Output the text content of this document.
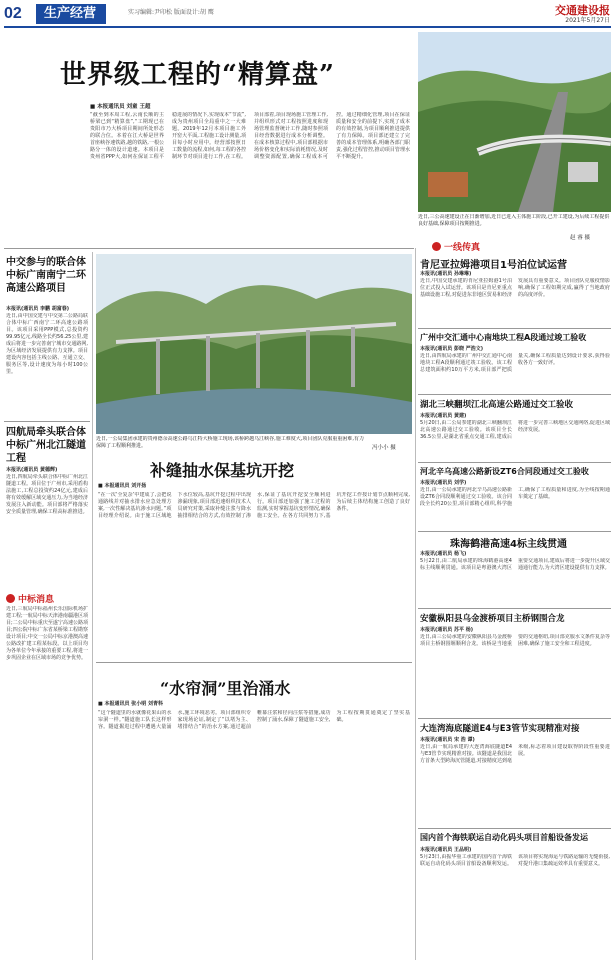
02	生产经营	实习编辑:尹印松 版面设计:胡 鹰	交通建设报
2021年5月27日
世界级工程的“精算盘”
■ 本报通讯员 刘童 王超
“截至到本周工程,云南长顺的主桥梁已到“精算盘”,“工期现已在贵阳市乃大桥项目期间所处形态的联合位。本着在江大桥是世界首座峡谷速铁路,越的铁路,一根公路分一体的设计道速。本项目是贵州省PPP大,如何在保证工程平稳进展的情况下,实现成本“节流”,成为贵州项目全局重中之一大难题。2019年12月本项目施工外开窑大平面,工程施工设计测量,项目每小时应用中。经营部按照日工数量的流程,如何,每工程的各控制环节对项目进行工作,在工程。项目部着,项目现场施工管理工作,并组织形式对工程按照进度和现场管理监督统计工作,随时参照项目经营数据进行成本分析调整。在成本核算过程中,项目部根据市场价格变化和实际消耗情况,及时调整资源配置,确保工程成本可控。通过精细化管理,项目在保证质量和安全的前提下,实现了成本的有效控制,为项目顺利推进提供了有力保障。项目部还建立了完善的成本管理体系,明确各部门职责,强化过程管控,推动项目管理水平不断提升。
近日,三公高速建设正在日渐增加,近日已进入主体施工阶段,已开工建设,为后续工程提供良好基础,保障项目按期推进。
赵 睿 摄
中交参与的联合体中标广南南宁二环高速公路项目
本报讯(通讯员 李鹏 胡富春)
近日,由中国交建与中交第二公路局联合体中标广西南宁二环高速公路项目。该项目采用PPP模式,总投资约99.95亿元,线路全长约56.25公里,建成后将进一步完善南宁城市交通路网,为区域经济发展提供有力支撑。项目建设内容包括主线公路、互通立交、服务区等,设计速度为每小时100公里。
四航局牵头联合体中标广州北江隧道工程
本报讯(通讯员 黄德辉)
近日,四航局牵头联合体中标广州北江隧道工程。项目位于广州市,采用盾构法施工,工程总投资约24亿元,建成后将有效缓解区域交通压力,为当地经济发展注入新动能。项目部将严格落实安全质量管理,确保工程高标准推进。
中标消息
近日,三航局中标福州长乐国际机场扩建工程;一航局中标天津港南疆港区项目;二公局中标重庆至遂宁高速公路项目;四公院中标广东省某桥梁工程勘察设计项目;中交一公局中标京港澳高速公路改扩建工程某标段。以上项目均为各单位今年承接的重要工程,将进一步巩固企业在区域市场的竞争优势。
近日,一公局集团承建的贵州德余高速公路乌江特大桥施工现场,该桥跨越乌江峡谷,施工难度大,项目团队克服重重困难,有力保障了工程顺利推进。	冯小小 摄
补缝抽水保基坑开挖
■ 本报通讯员 刘开扬
“在一次‘全复杂’中建成了,会把说通路线并对抽水排水应急处理方案,一次性解决基坑渗水问题。”项目经理介绍说。由于施工区域地下水位较高,基坑开挖过程中出现渗漏现象,项目部迅速组织技术人员研究对策,采取补缝注浆与降水抽排相结合的方式,有效控制了渗水,保证了基坑开挖安全顺利进行。项目部还加强了施工过程的监测,实时掌握基坑变形情况,确保施工安全。在各方共同努力下,基坑开挖工作按计划节点顺利完成,为后续主体结构施工创造了良好条件。
“水帘洞”里治涌水
■ 本报通讯员 张小明 刘青科
“这个隧道里的水就像花果山的水帘洞一样。”隧道施工队长这样形容。隧道掘进过程中遭遇大量涌水,施工环境恶劣。项目部组织专家现场论证,制定了“以堵为主、堵排结合”的治水方案,通过超前帷幕注浆和径向注浆等措施,成功控制了涌水,保障了隧道施工安全,为工程按期贯通奠定了坚实基础。
一线传真
肯尼亚拉姆港项目1号泊位试运营
本报讯(通讯员 孙琳琳)
近日,中国交建承建的肯尼亚拉姆港1号泊位正式投入试运营。该项目是肯尼亚重点基础设施工程,对促进东非地区贸易和经济发展具有重要意义。项目团队克服疫情影响,确保了工程如期完成,赢得了当地政府的高度评价。
广州中交汇通中心南地块工程A段通过竣工验收
本报讯(通讯员 彭晓 严浩文)
近日,由四航局承建的广州中交汇通中心南地块工程A段顺利通过竣工验收。该工程总建筑面积约10万平方米,项目部严把质量关,确保工程质量达到设计要求,获得验收各方一致好评。
湖北三峡翻坝江北高速公路通过交工验收
本报讯(通讯员 黄建)
5月20日,由二公局参建的湖北三峡翻坝江北高速公路通过交工验收。该项目全长36.5公里,是湖北省重点交通工程,建成后将进一步完善三峡地区交通网络,促进区域经济发展。
河北辛乌高速公路新设ZT6合同段通过交工验收
本报讯(通讯员 刘学)
近日,由一公局承建的河北辛乌高速公路新设ZT6合同段顺利通过交工验收。该合同段全长约20公里,项目部精心组织,科学施工,确保了工程质量和进度,为全线按期通车奠定了基础。
珠海鹤港高速4标主线贯通
本报讯(通讯员 杨飞)
5月22日,由二航局承建的珠海鹤港高速4标主线顺利贯通。该项目是粤港澳大湾区重要交通项目,建成后将进一步提升区域交通通行能力,为大湾区建设提供有力支撑。
安徽枞阳县乌金渡桥项目主桥钢围合龙
本报讯(通讯员 苏平 杨)
近日,由三公局承建的安徽枞阳县乌金渡桥项目主桥钢围堰顺利合龙。该桥是当地重要的交通枢纽,项目部克服水文条件复杂等困难,确保了施工安全和工程进度。
大连湾海底隧道E4与E3管节实现精准对接
本报讯(通讯员 宋 浩 谭)
近日,由一航局承建的大连湾海底隧道E4与E3管节实现精准对接。该隧道是我国北方首条大型跨海沉管隧道,对接精度达到毫米级,标志着项目建设取得阶段性重要进展。
国内首个海铁联运自动化码头项目首船设备发运
本报讯(通讯员 王品明)
5月23日,由振华重工承建的国内首个海铁联运自动化码头项目首船设备顺利发运。该项目将实现海运与铁路运输的无缝衔接,对提升港口集疏运效率具有重要意义。
